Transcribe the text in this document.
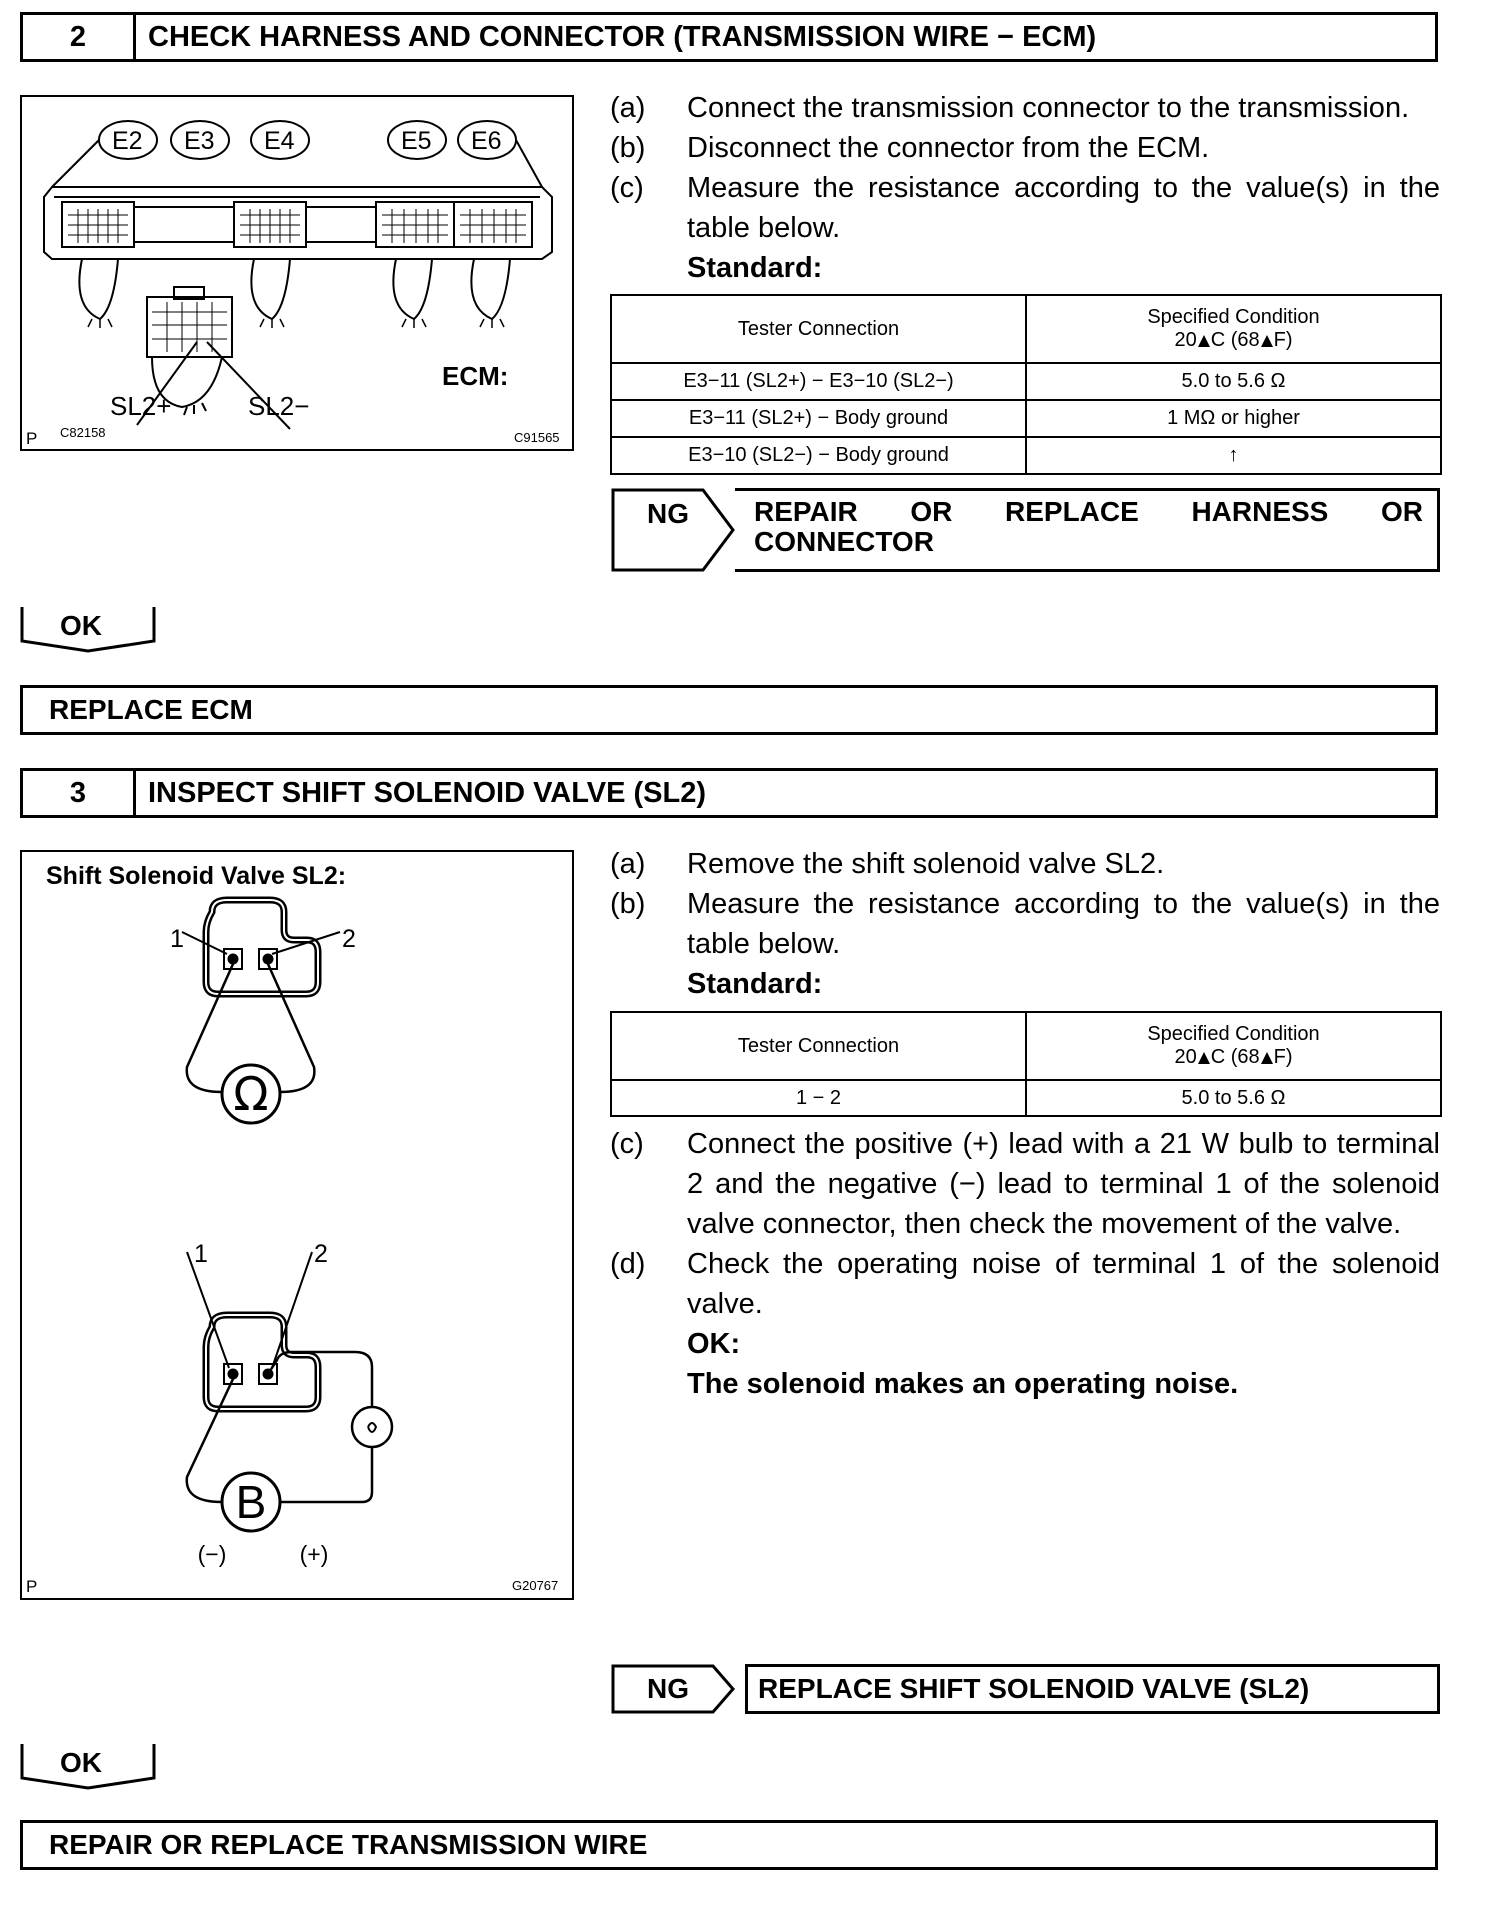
2	CHECK HARNESS AND CONNECTOR (TRANSMISSION WIRE − ECM)
E2 E3 E4	E5 E6
SL2+	SL2−
ECM:
P C82158	C91565
(a)	Connect the transmission connector to the transmission.
(b)	Disconnect the connector from the ECM.
(c)	Measure the resistance according to the value(s) in the table below.
Standard:
Tester Connection	Specified Condition
20 C (68 F)

E3−11 (SL2+) − E3−10 (SL2−)	5.0 to 5.6 Ω
E3−11 (SL2+) − Body ground	1 MΩ or higher
E3−10 (SL2−) − Body ground	↑
NG REPAIR OR REPLACE HARNESS OR
CONNECTOR
OK
REPLACE ECM
3	INSPECT SHIFT SOLENOID VALVE (SL2)
Shift Solenoid Valve SL2:
1	2
Ω
1	2
B
(−)	(+)
P	G20767
(a)	Remove the shift solenoid valve SL2.
(b)	Measure the resistance according to the value(s) in the table below.
Standard:
Tester Connection	Specified Condition
20 C (68 F)

1 − 2	5.0 to 5.6 Ω
(c)	Connect the positive (+) lead with a 21 W bulb to terminal 2 and the negative (−) lead to terminal 1 of the solenoid valve connector, then check the movement of the valve.
(d)	Check the operating noise of terminal 1 of the solenoid valve.
OK:
The solenoid makes an operating noise.
NG	REPLACE SHIFT SOLENOID VALVE (SL2)
OK
REPAIR OR REPLACE TRANSMISSION WIRE
